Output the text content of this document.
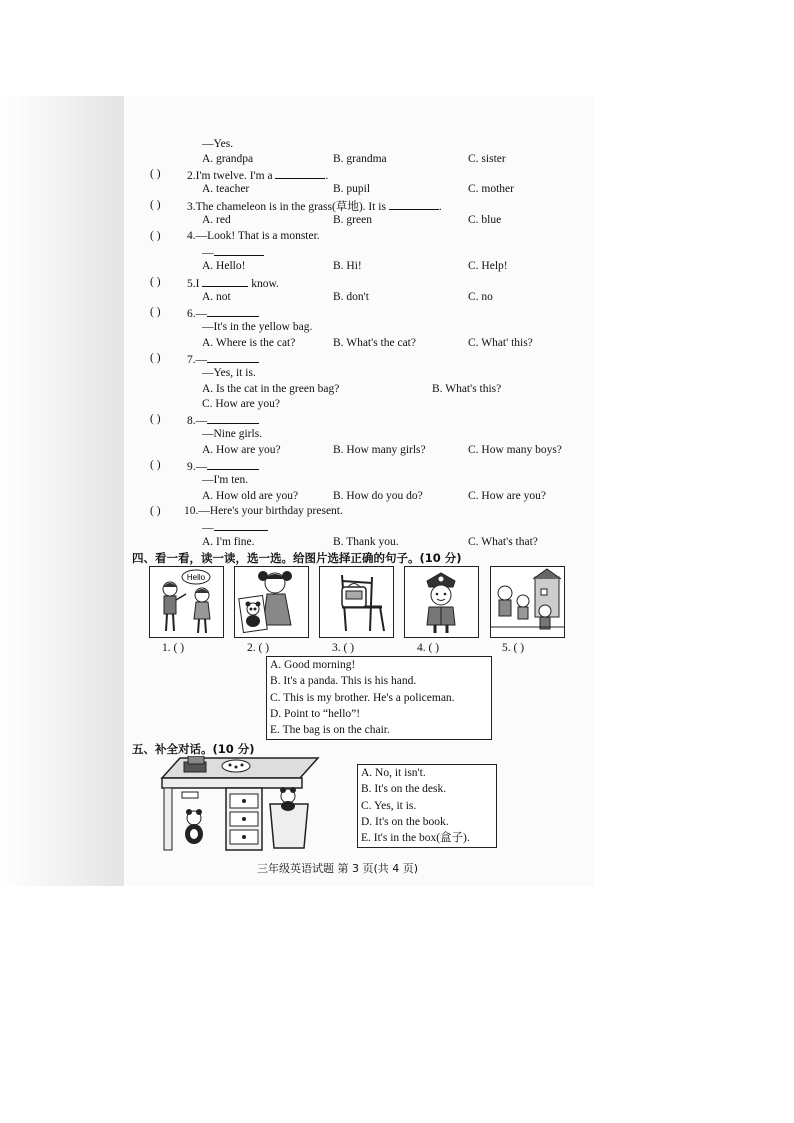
—Yes.
A. grandpa	B. grandma	C. sister
( ) 2.I'm twelve. I'm a	.
A. teacher	B. pupil	C. mother
( ) 3.The chameleon is in the grass(草地). It is	.
A. red	B. green	C. blue
( ) 4.—Look! That is a monster.
—
A. Hello!	B. Hi!	C. Help!
( ) 5.I	know.
A. not	B. don't	C. no
( ) 6.—
—It's in the yellow bag.
A. Where is the cat?	B. What's the cat?	C. What' this?
( ) 7.—
—Yes, it is.
A. Is the cat in the green bag?	B. What's this?
C. How are you?
( ) 8.—
—Nine girls.
A. How are you?	B. How many girls?	C. How many boys?
( ) 9.—
—I'm ten.
A. How old are you?	B. How do you do?	C. How are you?
( ) 10.—Here's your birthday present.
—
A. I'm fine.	B. Thank you.	C. What's that?
四、看一看，读一读，选一选。给图片选择正确的句子。(10 分)
Hello
1. ( )	2. ( )	3. ( )	4. ( )	5. ( )
A. Good morning!
B. It's a panda. This is his hand.
C. This is my brother. He's a policeman.
D. Point to “hello”!
E. The bag is on the chair.
五、补全对话。(10 分)
A. No, it isn't.
B. It's on the desk.
C. Yes, it is.
D. It's on the book.
E. It's in the box(盒子).
三年级英语试题 第 3 页(共 4 页)
